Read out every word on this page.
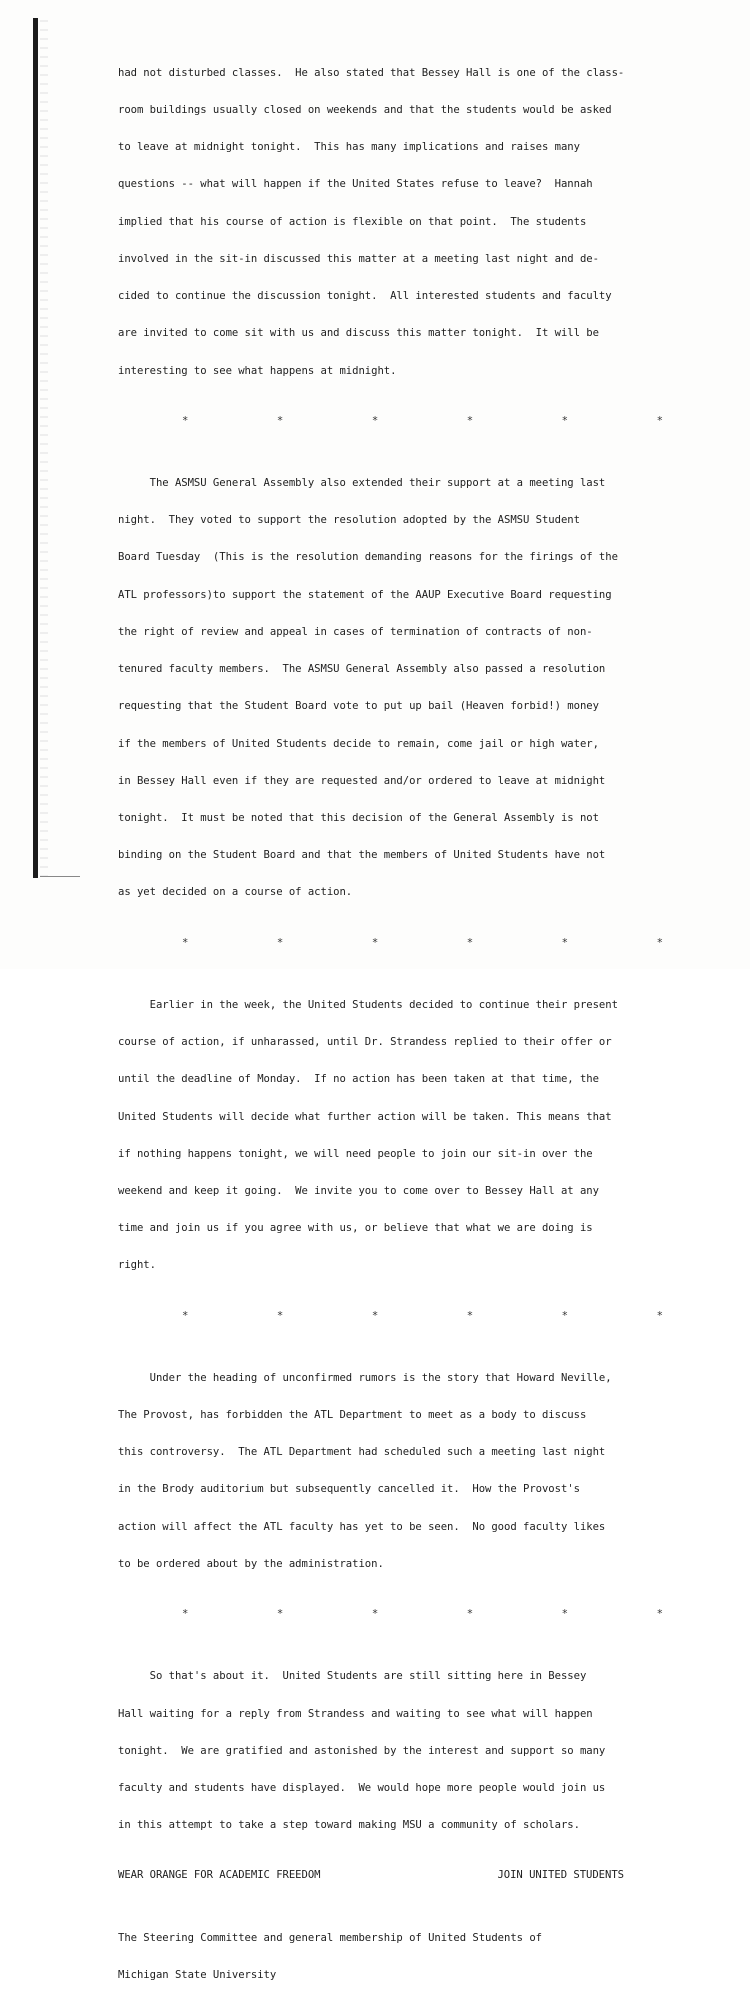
had not disturbed classes.  He also stated that Bessey Hall is one of the class-

room buildings usually closed on weekends and that the students would be asked

to leave at midnight tonight.  This has many implications and raises many

questions -- what will happen if the United States refuse to leave?  Hannah

implied that his course of action is flexible on that point.  The students

involved in the sit-in discussed this matter at a meeting last night and de-

cided to continue the discussion tonight.  All interested students and faculty

are invited to come sit with us and discuss this matter tonight.  It will be

interesting to see what happens at midnight.

*              *              *              *              *              *

The ASMSU General Assembly also extended their support at a meeting last

night.  They voted to support the resolution adopted by the ASMSU Student

Board Tuesday  (This is the resolution demanding reasons for the firings of the

ATL professors)to support the statement of the AAUP Executive Board requesting

the right of review and appeal in cases of termination of contracts of non-

tenured faculty members.  The ASMSU General Assembly also passed a resolution

requesting that the Student Board vote to put up bail (Heaven forbid!) money

if the members of United Students decide to remain, come jail or high water,

in Bessey Hall even if they are requested and/or ordered to leave at midnight

tonight.  It must be noted that this decision of the General Assembly is not

binding on the Student Board and that the members of United Students have not

as yet decided on a course of action.

*              *              *              *              *              *

Earlier in the week, the United Students decided to continue their present

course of action, if unharassed, until Dr. Strandess replied to their offer or

until the deadline of Monday.  If no action has been taken at that time, the

United Students will decide what further action will be taken. This means that

if nothing happens tonight, we will need people to join our sit-in over the

weekend and keep it going.  We invite you to come over to Bessey Hall at any

time and join us if you agree with us, or believe that what we are doing is

right.

*              *              *              *              *              *

Under the heading of unconfirmed rumors is the story that Howard Neville,

The Provost, has forbidden the ATL Department to meet as a body to discuss

this controversy.  The ATL Department had scheduled such a meeting last night

in the Brody auditorium but subsequently cancelled it.  How the Provost's

action will affect the ATL faculty has yet to be seen.  No good faculty likes

to be ordered about by the administration.

*              *              *              *              *              *

So that's about it.  United Students are still sitting here in Bessey

Hall waiting for a reply from Strandess and waiting to see what will happen

tonight.  We are gratified and astonished by the interest and support so many

faculty and students have displayed.  We would hope more people would join us

in this attempt to take a step toward making MSU a community of scholars.

WEAR ORANGE FOR ACADEMIC FREEDOM	JOIN UNITED STUDENTS

The Steering Committee and general membership of United Students of

Michigan State University
